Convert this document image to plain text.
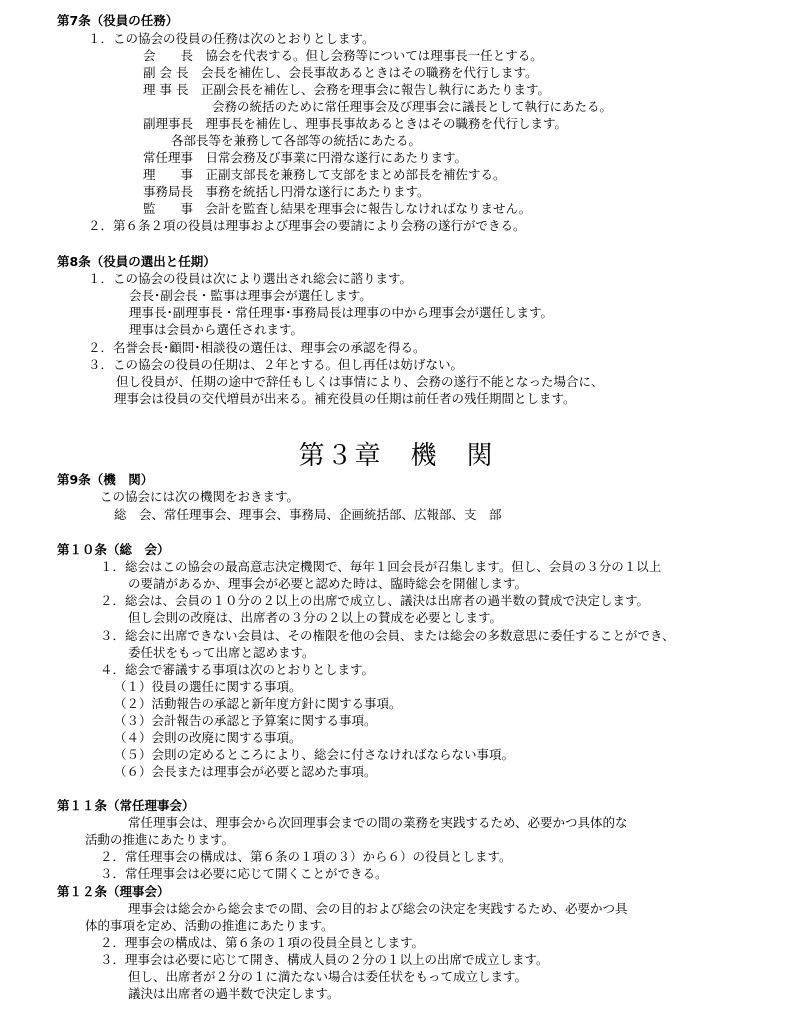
第7条（役員の任務）
１．この協会の役員の任務は次のとおりとします。
会　　長　協会を代表する。但し会務等については理事長一任とする。
副 会 長　会長を補佐し、会長事故あるときはその職務を代行します。
理 事 長　正副会長を補佐し、会務を理事会に報告し執行にあたります。
会務の統括のために常任理事会及び理事会に議長として執行にあたる。
副理事長　理事長を補佐し、理事長事故あるときはその職務を代行します。
各部長等を兼務して各部等の統括にあたる。
常任理事　日常会務及び事業に円滑な遂行にあたります。
理　　事　正副支部長を兼務して支部をまとめ部長を補佐する。
事務局長　事務を統括し円滑な遂行にあたります。
監　　事　会計を監査し結果を理事会に報告しなければなりません。
２．第６条２項の役員は理事および理事会の要請により会務の遂行ができる。
第8条（役員の選出と任期）
１．この協会の役員は次により選出され総会に諮ります。
会長･副会長・監事は理事会が選任します。
理事長･副理事長・常任理事･事務局長は理事の中から理事会が選任します。
理事は会員から選任されます。
２．名誉会長･顧問･相談役の選任は、理事会の承認を得る。
３．この協会の役員の任期は、２年とする。但し再任は妨げない。
但し役員が、任期の途中で辞任もしくは事情により、会務の遂行不能となった場合に、
理事会は役員の交代増員が出来る。補充役員の任期は前任者の残任期間とします。
第３章　機　関
第9条（機　関）
この協会には次の機関をおきます。
総　会、常任理事会、理事会、事務局、企画統括部、広報部、支　部
第１０条（総　会）
１．総会はこの協会の最高意志決定機関で、毎年１回会長が召集します。但し、会員の３分の１以上
の要請があるか、理事会が必要と認めた時は、臨時総会を開催します。
２．総会は、会員の１０分の２以上の出席で成立し、議決は出席者の過半数の賛成で決定します。
但し会則の改廃は、出席者の３分の２以上の賛成を必要とします。
３．総会に出席できない会員は、その権限を他の会員、または総会の多数意思に委任することができ、
委任状をもって出席と認めます。
４．総会で審議する事項は次のとおりとします。
（１）役員の選任に関する事項。
（２）活動報告の承認と新年度方針に関する事項。
（３）会計報告の承認と予算案に関する事項。
（４）会則の改廃に関する事項。
（５）会則の定めるところにより、総会に付さなければならない事項。
（６）会長または理事会が必要と認めた事項。
第１１条（常任理事会）
常任理事会は、理事会から次回理事会までの間の業務を実践するため、必要かつ具体的な
活動の推進にあたります。
２．常任理事会の構成は、第６条の１項の３）から６）の役員とします。
３．常任理事会は必要に応じて開くことができる。
第１２条（理事会）
理事会は総会から総会までの間、会の目的および総会の決定を実践するため、必要かつ具
体的事項を定め、活動の推進にあたります。
２．理事会の構成は、第６条の１項の役員全員とします。
３．理事会は必要に応じて開き、構成人員の２分の１以上の出席で成立します。
但し、出席者が２分の１に満たない場合は委任状をもって成立します。
議決は出席者の過半数で決定します。
